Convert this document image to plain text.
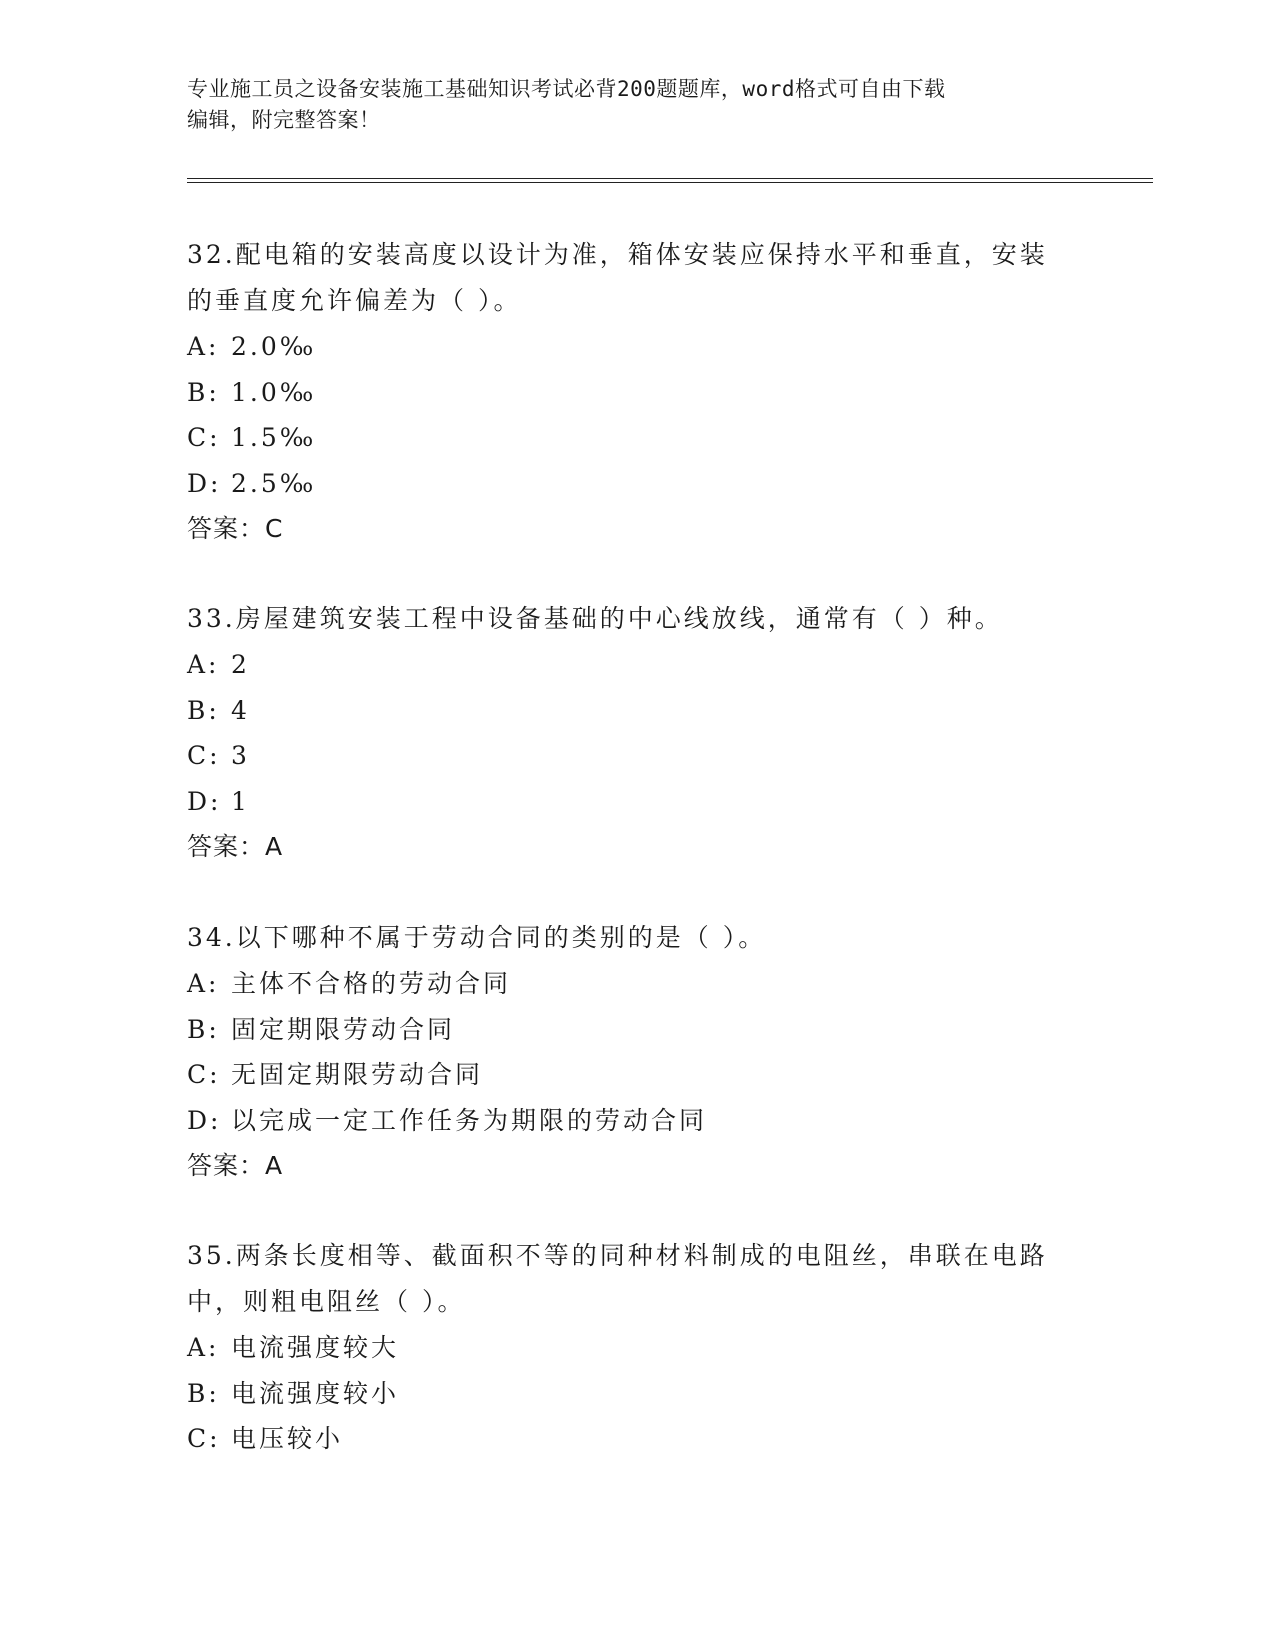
专业施工员之设备安装施工基础知识考试必背200题题库，word格式可自由下载
编辑，附完整答案！

32.配电箱的安装高度以设计为准，箱体安装应保持水平和垂直，安装

的垂直度允许偏差为（ ）。

A: 2.0‰

B: 1.0‰

C: 1.5‰

D: 2.5‰

答案：C

33.房屋建筑安装工程中设备基础的中心线放线，通常有（ ）种。

A: 2

B: 4

C: 3

D: 1

答案：A

34.以下哪种不属于劳动合同的类别的是（ ）。

A: 主体不合格的劳动合同

B: 固定期限劳动合同

C: 无固定期限劳动合同

D: 以完成一定工作任务为期限的劳动合同

答案：A

35.两条长度相等、截面积不等的同种材料制成的电阻丝，串联在电路

中，则粗电阻丝（ ）。

A: 电流强度较大

B: 电流强度较小

C: 电压较小
